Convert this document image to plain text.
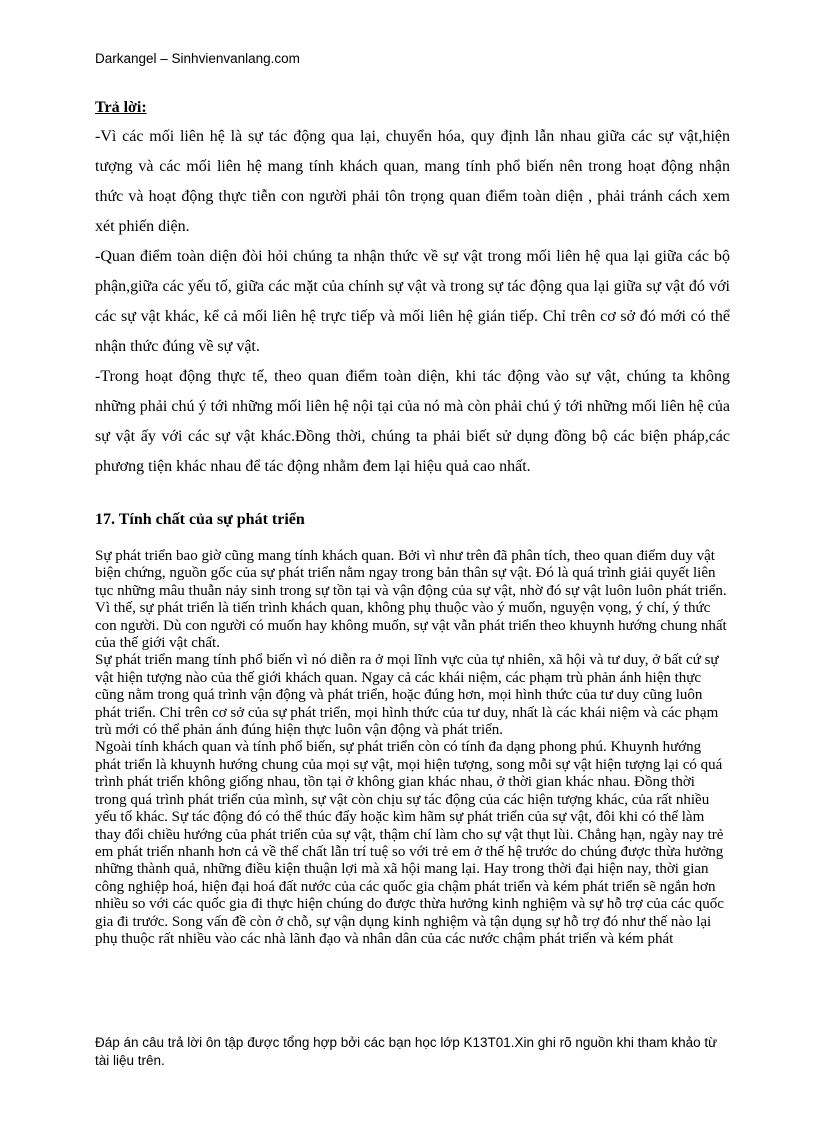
Darkangel – Sinhvienvanlang.com
Trả lời:

-Vì các mối liên hệ là sự tác động qua lại, chuyển hóa, quy định lẫn nhau giữa các sự vật,hiện tượng và các mối liên hệ mang tính khách quan, mang tính phổ biến nên trong hoạt động nhận thức và hoạt động thực tiễn con người phải tôn trọng quan điểm toàn diện , phải tránh cách xem xét phiến diện.

-Quan điểm toàn diện đòi hỏi chúng ta nhận thức về sự vật trong mối liên hệ qua lại giữa các bộ phận,giữa các yếu tố, giữa các mặt của chính sự vật và trong sự tác động qua lại giữa sự vật đó với các sự vật khác, kể cả mối liên hệ trực tiếp và mối liên hệ gián tiếp. Chỉ trên cơ sở đó mới có thể nhận thức đúng về sự vật.

-Trong hoạt động thực tế, theo quan điểm toàn diện, khi tác động vào sự vật, chúng ta không những phải chú ý tới những mối liên hệ nội tại của nó mà còn phải chú ý tới những mối liên hệ của sự vật ấy với các sự vật khác.Đồng thời, chúng ta phải biết sử dụng đồng bộ các biện pháp,các phương tiện khác nhau để tác động nhằm đem lại hiệu quả cao nhất.

17. Tính chất của sự phát triển

Sự phát triển bao giờ cũng mang tính khách quan. Bởi vì như trên đã phân tích, theo quan điểm duy vật biện chứng, nguồn gốc của sự phát triển nằm ngay trong bản thân sự vật. Đó là quá trình giải quyết liên tục những mâu thuẫn nảy sinh trong sự tồn tại và vận động của sự vật, nhờ đó sự vật luôn luôn phát triển. Vì thế, sự phát triển là tiến trình khách quan, không phụ thuộc vào ý muốn, nguyện vọng, ý chí, ý thức con người. Dù con người có muốn hay không muốn, sự vật vẫn phát triển theo khuynh hướng chung nhất của thế giới vật chất.

Sự phát triển mang tính phổ biến vì nó diễn ra ở mọi lĩnh vực của tự nhiên, xã hội và tư duy, ở bất cứ sự vật hiện tượng nào của thế giới khách quan. Ngay cả các khái niệm, các phạm trù phản ánh hiện thực cũng nằm trong quá trình vận động và phát triển, hoặc đúng hơn, mọi hình thức của tư duy cũng luôn phát triển. Chỉ trên cơ sở của sự phát triển, mọi hình thức của tư duy, nhất là các khái niệm và các phạm trù mới có thể phản ánh đúng hiện thực luôn vận động và phát triển.

Ngoài tính khách quan và tính phổ biến, sự phát triển còn có tính đa dạng phong phú. Khuynh hướng phát triển là khuynh hướng chung của mọi sự vật, mọi hiện tượng, song mỗi sự vật hiện tượng lại có quá trình phát triển không giống nhau, tồn tại ở không gian khác nhau, ở thời gian khác nhau. Đồng thời trong quá trình phát triển của mình, sự vật còn chịu sự tác động của các hiện tượng khác, của rất nhiều yếu tố khác. Sự tác động đó có thể thúc đẩy hoặc kìm hãm sự phát triển của sự vật, đôi khi có thể làm thay đổi chiều hướng của phát triển của sự vật, thậm chí làm cho sự vật thụt lùi. Chẳng hạn, ngày nay trẻ em phát triển nhanh hơn cả về thể chất lẫn trí tuệ so với trẻ em ở thế hệ trước do chúng được thừa hưởng những thành quả, những điều kiện thuận lợi mà xã hội mang lại. Hay trong thời đại hiện nay, thời gian công nghiệp hoá, hiện đại hoá đất nước của các quốc gia chậm phát triển và kém phát triển sẽ ngắn hơn nhiều so với các quốc gia đi thực hiện chúng do được thừa hưởng kinh nghiệm và sự hỗ trợ của các quốc gia đi trước. Song vấn đề còn ở chỗ, sự vận dụng kinh nghiệm và tận dụng sự hỗ trợ đó như thế nào lại phụ thuộc rất nhiều vào các nhà lãnh đạo và nhân dân của các nước chậm phát triển và kém phát

Đáp án câu trả lời ôn tập được tổng hợp bởi các bạn học lớp K13T01.Xin ghi rõ nguồn khi tham khảo từ tài liệu trên.
